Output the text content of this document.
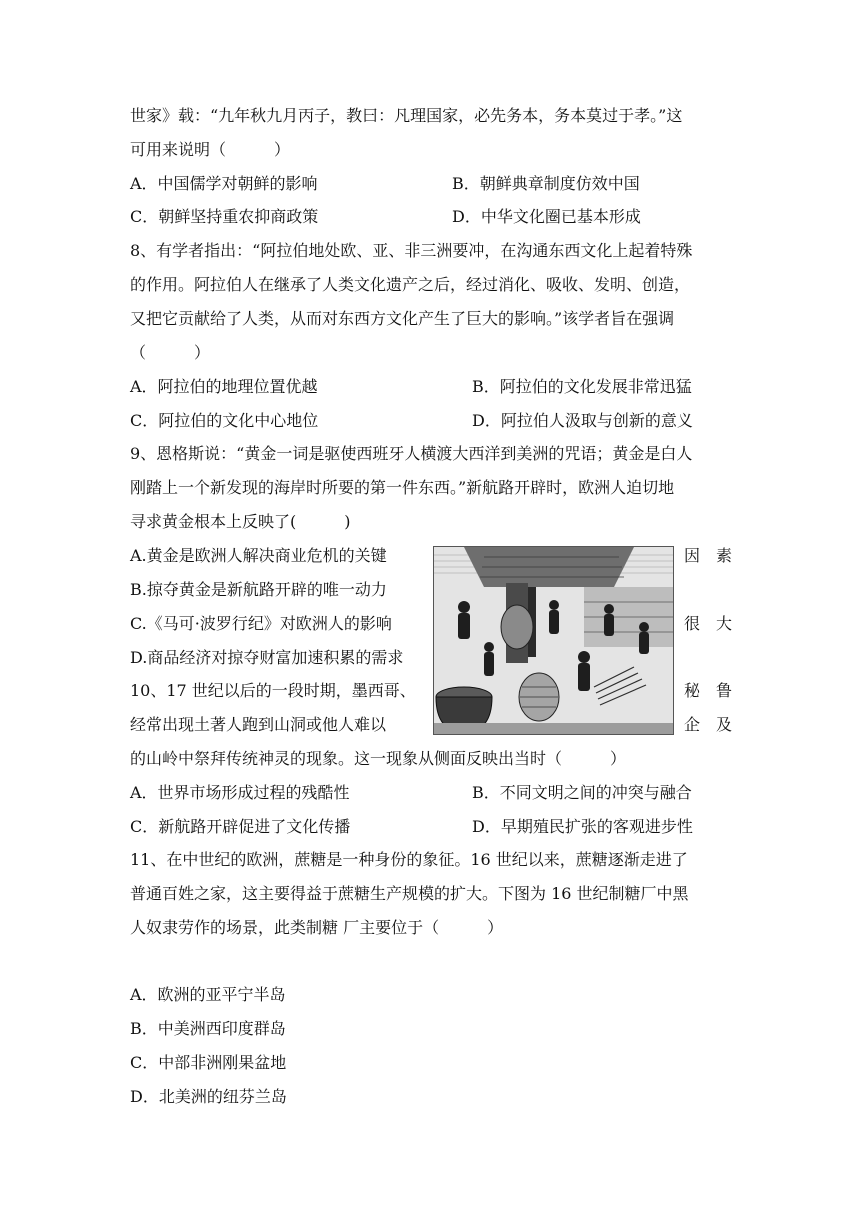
世家》载：“九年秋九月丙子，教曰：凡理国家，必先务本，务本莫过于孝。”这
可用来说明（　　　）
A．中国儒学对朝鲜的影响	B．朝鲜典章制度仿效中国
C．朝鲜坚持重农抑商政策	D．中华文化圈已基本形成
8、有学者指出：“阿拉伯地处欧、亚、非三洲要冲，在沟通东西文化上起着特殊
的作用。阿拉伯人在继承了人类文化遗产之后，经过消化、吸收、发明、创造，
又把它贡献给了人类，从而对东西方文化产生了巨大的影响。”该学者旨在强调
（　　　）
A．阿拉伯的地理位置优越	B．阿拉伯的文化发展非常迅猛
C．阿拉伯的文化中心地位	D．阿拉伯人汲取与创新的意义
9、恩格斯说：“黄金一词是驱使西班牙人横渡大西洋到美洲的咒语；黄金是白人
刚踏上一个新发现的海岸时所要的第一件东西。”新航路开辟时，欧洲人迫切地
寻求黄金根本上反映了(　　　)
A.黄金是欧洲人解决商业危机的关键	因　素
B.掠夺黄金是新航路开辟的唯一动力
C.《马可·波罗行纪》对欧洲人的影响	很　大
D.商品经济对掠夺财富加速积累的需求
10、17 世纪以后的一段时期，墨西哥、	秘　鲁
经常出现土著人跑到山洞或他人难以	企　及
的山岭中祭拜传统神灵的现象。这一现象从侧面反映出当时（　　　）
A．世界市场形成过程的残酷性	B．不同文明之间的冲突与融合
C．新航路开辟促进了文化传播	D．早期殖民扩张的客观进步性
11、在中世纪的欧洲，蔗糖是一种身份的象征。16 世纪以来，蔗糖逐渐走进了
普通百姓之家，这主要得益于蔗糖生产规模的扩大。下图为 16 世纪制糖厂中黑
人奴隶劳作的场景，此类制糖 厂主要位于（　　　）
A．欧洲的亚平宁半岛
B．中美洲西印度群岛
C．中部非洲刚果盆地
D．北美洲的纽芬兰岛
